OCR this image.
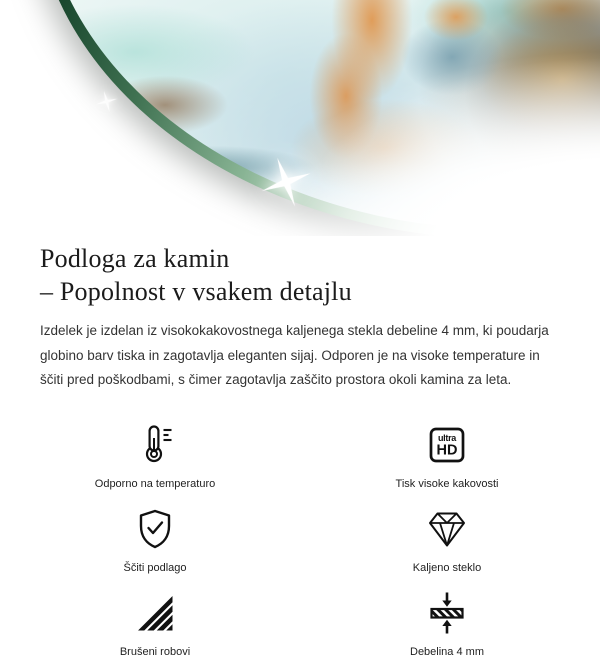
Podloga za kamin
– Popolnost v vsakem detajlu

Izdelek je izdelan iz visokokakovostnega kaljenega stekla debeline 4 mm, ki poudarja globino barv tiska in zagotavlja eleganten sijaj. Odporen je na visoke temperature in ščiti pred poškodbami, s čimer zagotavlja zaščito prostora okoli kamina za leta.

Odporno na temperaturo
ultra
HD
Tisk visoke kakovosti
Ščiti podlago	Kaljeno steklo
Brušeni robovi	Debelina 4 mm
